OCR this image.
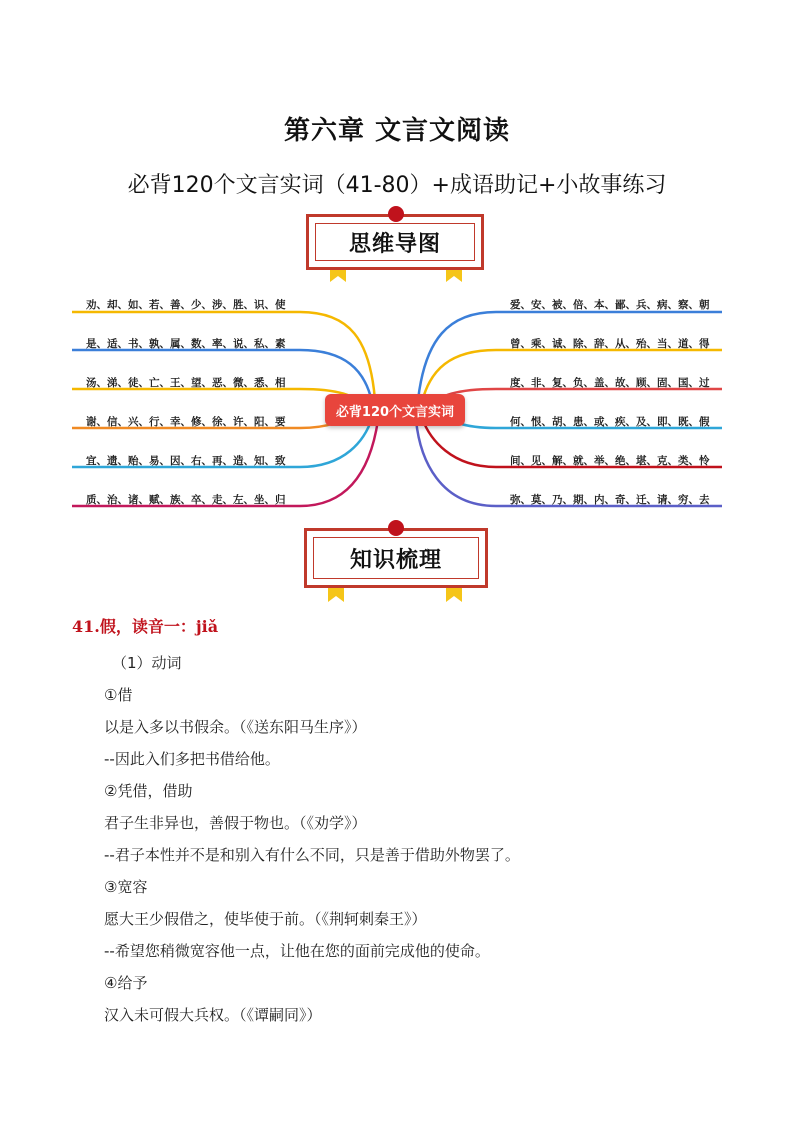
第六章 文言文阅读
必背120个文言实词（41-80）+成语助记+小故事练习
思维导图
劝、却、如、若、善、少、涉、胜、识、使
是、适、书、孰、属、数、率、说、私、素
汤、涕、徒、亡、王、望、恶、微、悉、相
谢、信、兴、行、幸、修、徐、许、阳、要
宜、遗、贻、易、因、右、再、造、知、致
质、治、诸、赋、族、卒、走、左、坐、归
爱、安、被、倍、本、鄙、兵、病、察、朝
曾、乘、诚、除、辞、从、殆、当、道、得
度、非、复、负、盖、故、顾、固、国、过
何、恨、胡、患、或、疾、及、即、既、假
间、见、解、就、举、绝、堪、克、类、怜
弥、莫、乃、期、内、奇、迁、请、穷、去
必背120个文言实词
知识梳理
41.假，读音一：jiǎ
（1）动词
①借
以是入多以书假余。（《送东阳马生序》）
--因此入们多把书借给他。
②凭借，借助
君子生非异也，善假于物也。（《劝学》）
--君子本性并不是和别入有什么不同，只是善于借助外物罢了。
③宽容
愿大王少假借之，使毕使于前。（《荆轲刺秦王》）
--希望您稍微宽容他一点，让他在您的面前完成他的使命。
④给予
汉入未可假大兵权。（《谭嗣同》）
